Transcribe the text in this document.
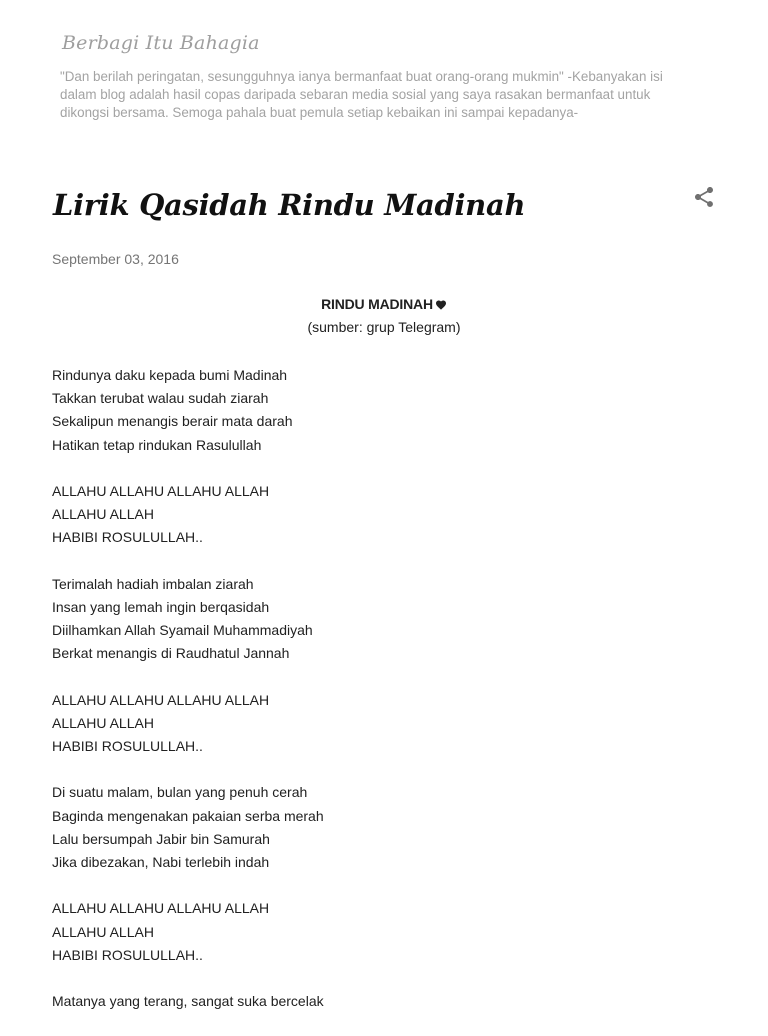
Berbagi Itu Bahagia
"Dan berilah peringatan, sesungguhnya ianya bermanfaat buat orang-orang mukmin" -Kebanyakan isi dalam blog adalah hasil copas daripada sebaran media sosial yang saya rasakan bermanfaat untuk dikongsi bersama. Semoga pahala buat pemula setiap kebaikan ini sampai kepadanya-
Lirik Qasidah Rindu Madinah
September 03, 2016
RINDU MADINAH
(sumber: grup Telegram)
Rindunya daku kepada bumi Madinah
Takkan terubat walau sudah ziarah
Sekalipun menangis berair mata darah
Hatikan tetap rindukan Rasulullah
ALLAHU ALLAHU ALLAHU ALLAH
ALLAHU ALLAH
HABIBI ROSULULLAH..
Terimalah hadiah imbalan ziarah
Insan yang lemah ingin berqasidah
Diilhamkan Allah Syamail Muhammadiyah
Berkat menangis di Raudhatul Jannah
ALLAHU ALLAHU ALLAHU ALLAH
ALLAHU ALLAH
HABIBI ROSULULLAH..
Di suatu malam, bulan yang penuh cerah
Baginda mengenakan pakaian serba merah
Lalu bersumpah Jabir bin Samurah
Jika dibezakan, Nabi terlebih indah
ALLAHU ALLAHU ALLAHU ALLAH
ALLAHU ALLAH
HABIBI ROSULULLAH..
Matanya yang terang, sangat suka bercelak
